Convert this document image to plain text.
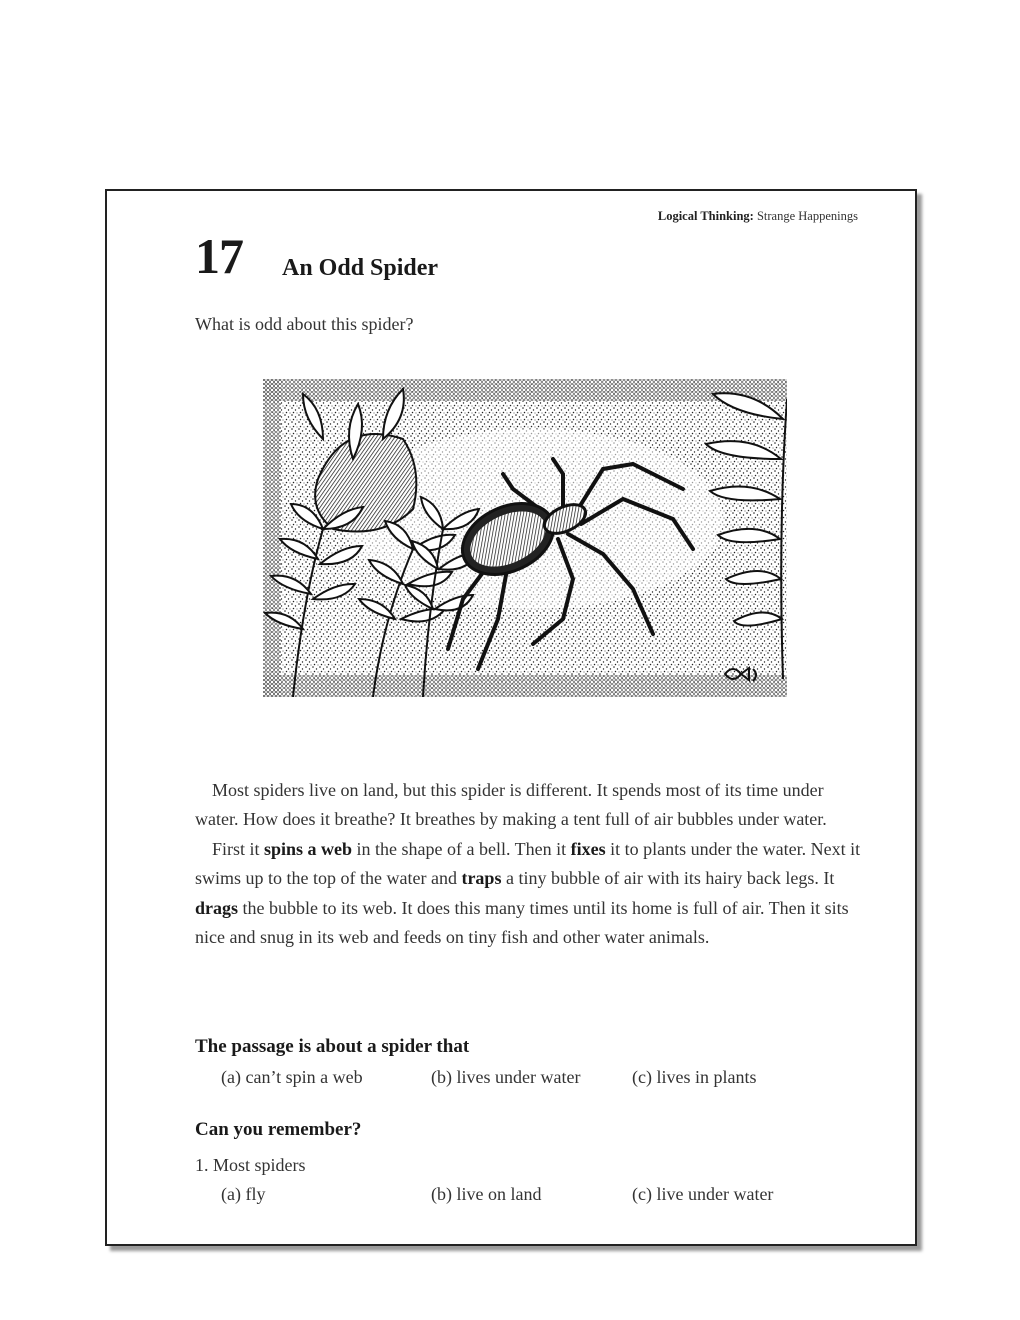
Logical Thinking: Strange Happenings
17 An Odd Spider
What is odd about this spider?

Most spiders live on land, but this spider is different. It spends most of its time under water. How does it breathe? It breathes by making a tent full of air bubbles under water.

First it spins a web in the shape of a bell. Then it fixes it to plants under the water. Next it swims up to the top of the water and traps a tiny bubble of air with its hairy back legs. It drags the bubble to its web. It does this many times until its home is full of air. Then it sits nice and snug in its web and feeds on tiny fish and other water animals.

The passage is about a spider that
(a) can’t spin a web	(b) lives under water	(c) lives in plants
Can you remember?
1. Most spiders
(a) fly	(b) live on land	(c) live under water
